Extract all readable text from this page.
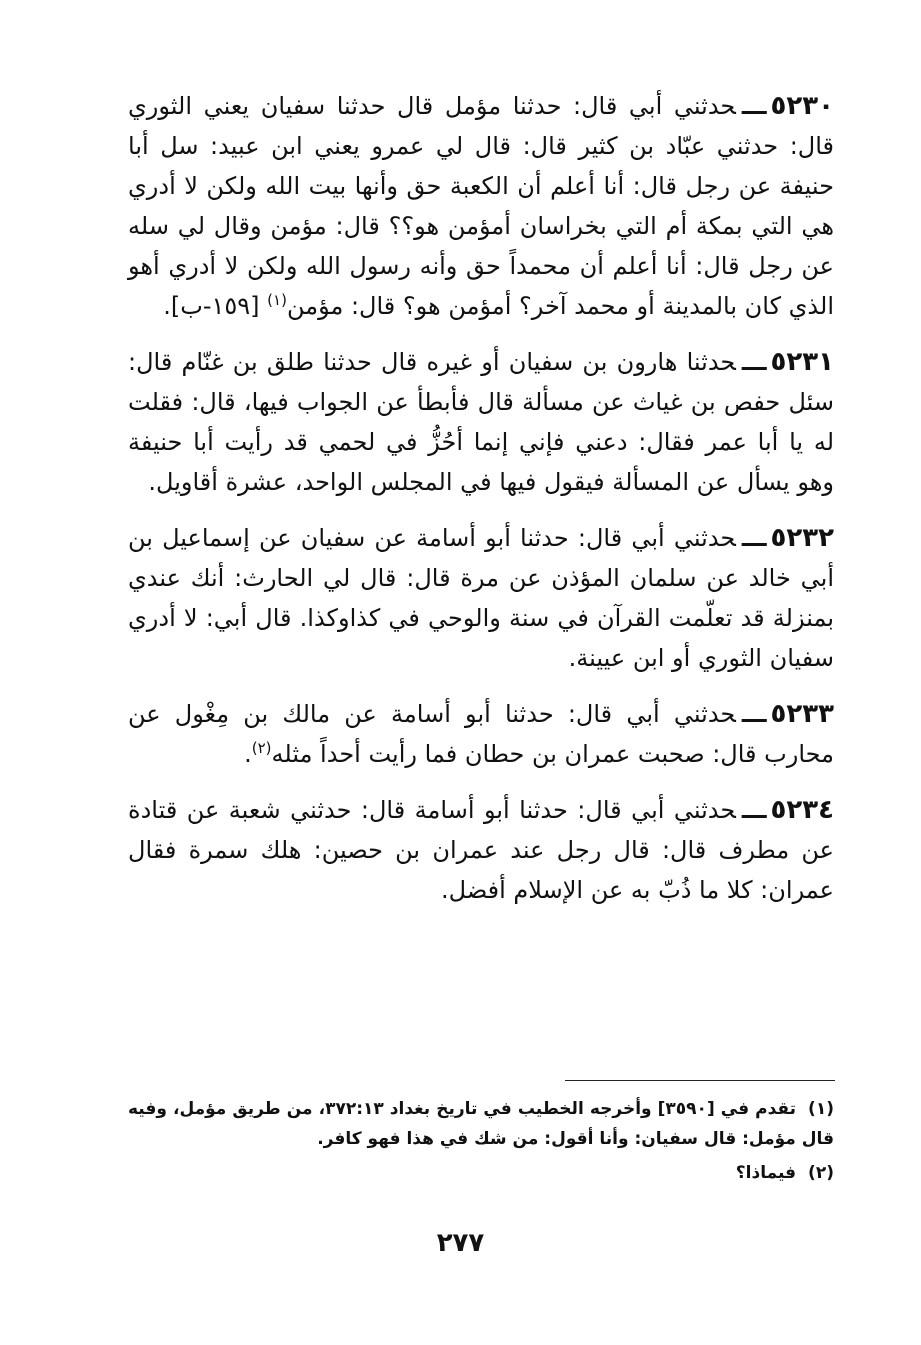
٥٢٣٠ـــحدثني أبي قال: حدثنا مؤمل قال حدثنا سفيان يعني الثوري قال: حدثني عبّاد بن كثير قال: قال لي عمرو يعني ابن عبيد: سل أبا حنيفة عن رجل قال: أنا أعلم أن الكعبة حق وأنها بيت الله ولكن لا أدري هي التي بمكة أم التي بخراسان أمؤمن هو؟؟ قال: مؤمن وقال لي سله عن رجل قال: أنا أعلم أن محمداً حق وأنه رسول الله ولكن لا أدري أهو الذي كان بالمدينة أو محمد آخر؟ أمؤمن هو؟ قال: مؤمن$^{(١)}$ [١٥٩-ب].

٥٢٣١ـــحدثنا هارون بن سفيان أو غيره قال حدثنا طلق بن غنّام قال: سئل حفص بن غياث عن مسألة قال فأبطأ عن الجواب فيها، قال: فقلت له يا أبا عمر فقال: دعني فإني إنما أحُزُّ في لحمي قد رأيت أبا حنيفة وهو يسأل عن المسألة فيقول فيها في المجلس الواحد، عشرة أقاويل.

٥٢٣٢ـــحدثني أبي قال: حدثنا أبو أسامة عن سفيان عن إسماعيل بن أبي خالد عن سلمان المؤذن عن مرة قال: قال لي الحارث: أنك عندي بمنزلة قد تعلّمت القرآن في سنة والوحي في كذاوكذا. قال أبي: لا أدري سفيان الثوري أو ابن عيينة.

٥٢٣٣ـــحدثني أبي قال: حدثنا أبو أسامة عن مالك بن مِغْول عن محارب قال: صحبت عمران بن حطان فما رأيت أحداً مثله$^{(٢)}$.

٥٢٣٤ـــحدثني أبي قال: حدثنا أبو أسامة قال: حدثني شعبة عن قتادة عن مطرف قال: قال رجل عند عمران بن حصين: هلك سمرة فقال عمران: كلا ما ذُبّ به عن الإسلام أفضل.

(١)تقدم في [٣٥٩٠] وأخرجه الخطيب في تاريخ بغداد ٣٧٢:١٣، من طريق مؤمل، وفيه قال مؤمل: قال سفيان: وأنا أقول: من شك في هذا فهو كافر.

(٢)فيماذا؟

٢٧٧
